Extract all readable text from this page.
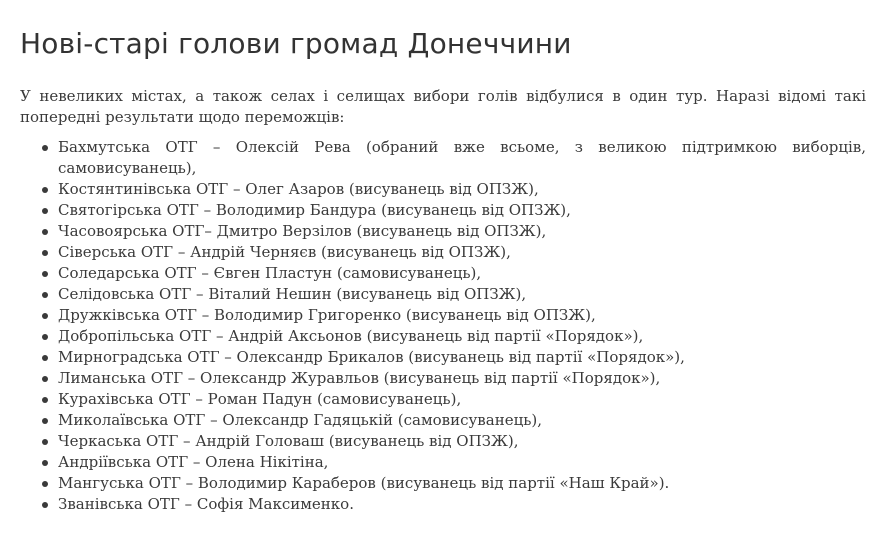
Нові-старі голови громад Донеччини

У невеликих містах, а також селах і селищах вибори голів відбулися в один тур. Наразі відомі такі попередні результати щодо переможців:

Бахмутська ОТГ – Олексій Рева (обраний вже всьоме, з великою підтримкою виборців, самовисуванець),
Костянтинівська ОТГ – Олег Азаров (висуванець від ОПЗЖ),
Святогірська ОТГ – Володимир Бандура (висуванець від ОПЗЖ),
Часовоярська ОТГ– Дмитро Верзілов (висуванець від ОПЗЖ),
Сіверська ОТГ – Андрій Черняєв (висуванець від ОПЗЖ),
Соледарська ОТГ – Євген Пластун (самовисуванець),
Селідовська ОТГ – Віталий Нешин (висуванець від ОПЗЖ),
Дружківська ОТГ – Володимир Григоренко (висуванець від ОПЗЖ),
Добропільська ОТГ – Андрій Аксьонов (висуванець від партії «Порядок»),
Мирноградська ОТГ – Олександр Брикалов (висуванець від партії «Порядок»),
Лиманська ОТГ – Олександр Журавльов (висуванець від партії «Порядок»),
Курахівська ОТГ – Роман Падун (самовисуванець),
Миколаївська ОТГ – Олександр Гадяцькій (самовисуванець),
Черкаська ОТГ – Андрій Головаш (висуванець від ОПЗЖ),
Андріївська ОТГ – Олена Нікітіна,
Мангуська ОТГ – Володимир Караберов (висуванець від партії «Наш Край»).
Званівська ОТГ – Софія Максименко.
